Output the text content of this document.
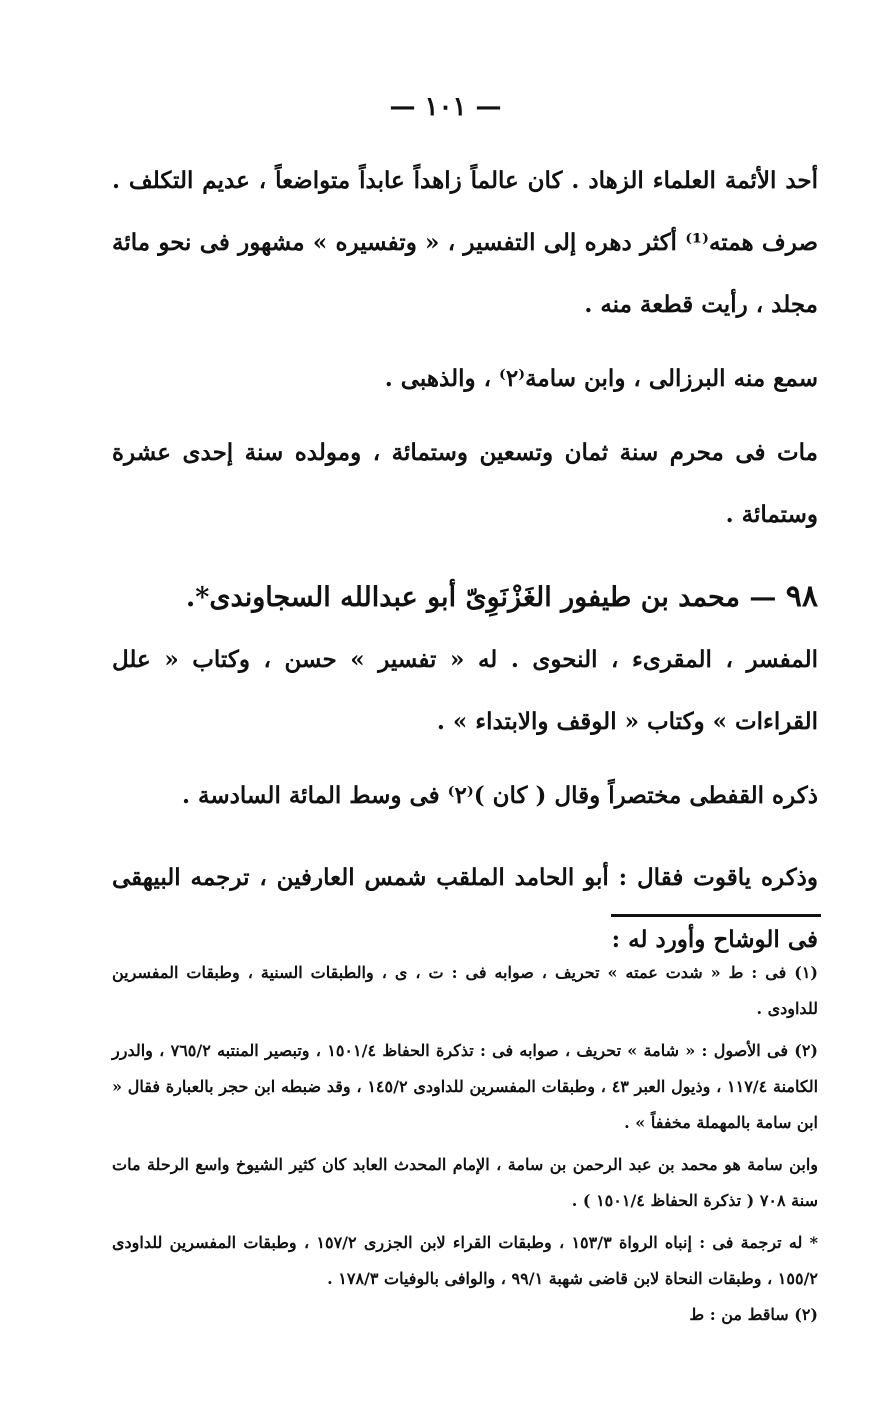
— ١٠١ —

أحد الأئمة العلماء الزهاد . كان عالماً زاهداً عابداً متواضعاً ، عديم التكلف . صرف همته⁽¹⁾ أكثر دهره إلى التفسير ، « وتفسيره » مشهور فى نحو مائة مجلد ، رأيت قطعة منه .

سمع منه البرزالى ، وابن سامة⁽٢⁾ ، والذهبى .

مات فى محرم سنة ثمان وتسعين وستمائة ، ومولده سنة إحدى عشرة وستمائة .

٩٨ — محمد بن طيفور الغَزْنَوِىّ أبو عبدالله السجاوندى*.

المفسر ، المقرىء ، النحوى . له « تفسير » حسن ، وكتاب « علل القراءات » وكتاب « الوقف والابتداء » .

ذكره القفطى مختصراً وقال ( كان )⁽٢⁾ فى وسط المائة السادسة .

وذكره ياقوت فقال : أبو الحامد الملقب شمس العارفين ، ترجمه البيهقى فى الوشاح وأورد له :

(١) فى : ط « شدت عمته » تحريف ، صوابه فى : ت ، ى ، والطبقات السنية ، وطبقات المفسرين للداودى .

(٢) فى الأصول : « شامة » تحريف ، صوابه فى : تذكرة الحفاظ ١٥٠١/٤ ، وتبصير المنتبه ٧٦٥/٢ ، والدرر الكامنة ١١٧/٤ ، وذيول العبر ٤٣ ، وطبقات المفسرين للداودى ١٤٥/٢ ، وقد ضبطه ابن حجر بالعبارة فقال « ابن سامة بالمهملة مخففاً » .

وابن سامة هو محمد بن عبد الرحمن بن سامة ، الإمام المحدث العابد كان كثير الشيوخ واسع الرحلة مات سنة ٧٠٨ ( تذكرة الحفاظ ١٥٠١/٤ ) .

* له ترجمة فى : إنباه الرواة ١٥٣/٣ ، وطبقات القراء لابن الجزرى ١٥٧/٢ ، وطبقات المفسرين للداودى ١٥٥/٢ ، وطبقات النحاة لابن قاضى شهبة ٩٩/١ ، والوافى بالوفيات ١٧٨/٣ .

(٢) ساقط من : ط
